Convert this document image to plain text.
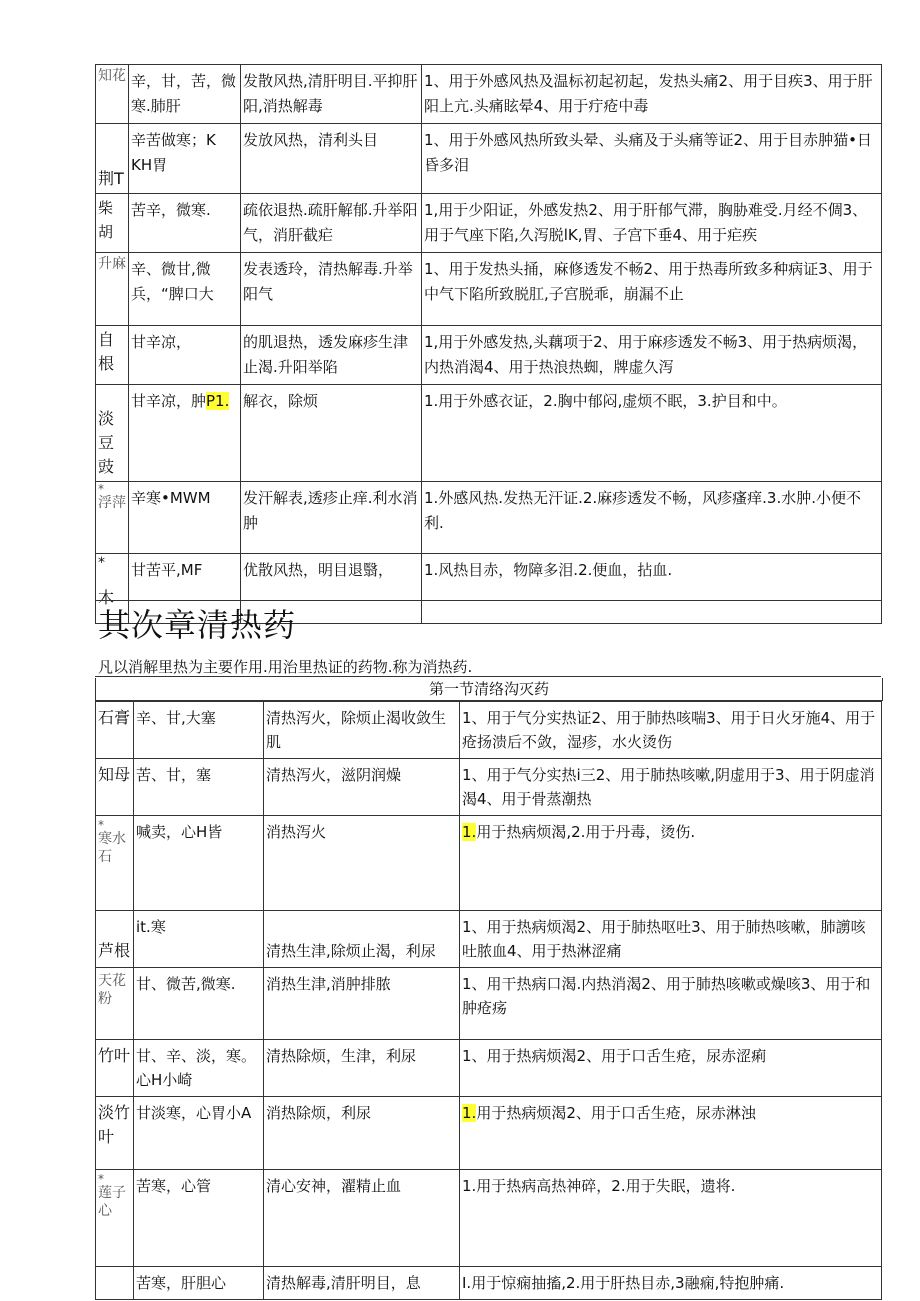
知花	辛，甘，苦，微寒.肺肝	发散风热,清肝明目.平抑肝阳,消热解毒	1、用于外感风热及温标初起初起，发热头痛2、用于目疾3、用于肝阳上亢.头痛眩晕4、用于疔疮中毒
荆T	辛苦做寒；K KH胃	发放风热，清利头目	1、用于外感风热所致头晕、头痛及于头痛等证2、用于目赤肿猫•日昏多泪
柴胡	苦辛，微寒.	疏依退热.疏肝解郁.升举阳气，消肝截疟	1,用于少阳证，外感发热2、用于肝郁气滞，胸胁难受.月经不倜3、用于气座下陷,久泻脱lK,胃、子宫下垂4、用于疟疾
升麻	辛、微甘,微兵，“脾口大	发表透玲，清热解毒.升举阳气	1、用于发热头捅，麻修透发不畅2、用于热毒所致多种病证3、用于中气下陷所致脱肛,子宫脱乖，崩漏不止
自根	甘辛凉，	的肌退热，透发麻疹生津止渴.升阳举陷	1,用于外感发热,头藕项于2、用于麻疹透发不畅3、用于热病烦渴，内热消渴4、用于热浪热蜘，牌虚久泻
淡豆豉	甘辛凉，肿P1.	解衣，除烦	1.用于外感衣证，2.胸中郁闷,虚烦不眠，3.护目和中。

*
浮萍	辛寒•MWM	发汗解表,透疹止痒.利水消肿	1.外感风热.发热无汗证.2.麻疹透发不畅，风疹瘙痒.3.水肿.小便不利.

*
木	甘苦平,MF	优散风热，明目退翳，	1.风热目赤，物障多泪.2.便血，拈血.
其次章清热药
凡以消解里热为主要作用.用治里热证的药物.称为消热药.
第一节清络沟灭药
石膏	辛、甘,大塞	清热泻火，除烦止渴收敛生肌	1、用于气分实热证2、用于肺热咳喘3、用于日火牙施4、用于疮扬溃后不敛，湿疹，水火烫伤
知母	苦、甘，塞	清热泻火，滋阴润燥	1、用于气分实热i三2、用于肺热咳嗽,阴虚用于3、用于阴虚消渴4、用于骨蒸潮热

*
寒水石	喊卖，心H皆	消热泻火	1.用于热病烦渴,2.用于丹毒，烫伤.
芦根	it.寒	清热生津,除烦止渴，利尿	1、用于热病烦渴2、用于肺热呕吐3、用于肺热咳嗽，肺謭咳吐脓血4、用于热淋涩痛
天花粉	甘、微苦,微寒.	消热生津,消肿排脓	1、用干热病口渴.内热消渴2、用于肺热咳嗽或燥咳3、用于和肿疮疡
竹叶	甘、辛、淡，寒。心H小崎	清热除烦，生津，利尿	1、用于热病烦渴2、用于口舌生疮，尿赤涩痢
淡竹叶	甘淡寒，心胃小A	消热除烦，利尿	1.用于热病烦渴2、用于口舌生疮，尿赤淋浊

*
莲子心	苦寒，心管	清心安神，濯精止血	1.用于热病高热神碎，2.用于失眠，遗将.
	苦寒，肝胆心	清热解毒,清肝明目，息	I.用于惊痫抽搐,2.用于肝热目赤,3融痫,特抱肿痛.
